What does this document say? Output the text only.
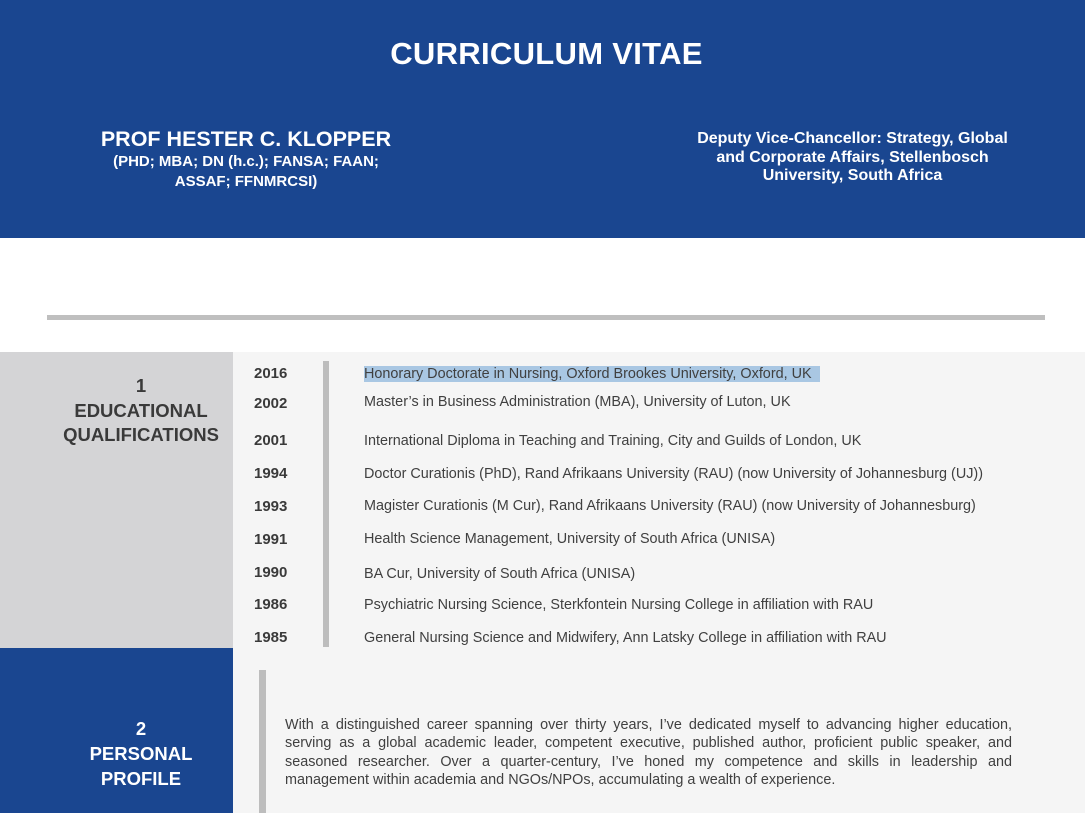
CURRICULUM VITAE
PROF HESTER C. KLOPPER
(PHD; MBA; DN (h.c.); FANSA; FAAN; ASSAF; FFNMRCSI)
Deputy Vice-Chancellor: Strategy, Global and Corporate Affairs, Stellenbosch University, South Africa
1
EDUCATIONAL QUALIFICATIONS
2016	Honorary Doctorate in Nursing, Oxford Brookes University, Oxford, UK
2002	Master’s in Business Administration (MBA), University of Luton, UK
2001	International Diploma in Teaching and Training, City and Guilds of London, UK
1994	Doctor Curationis (PhD), Rand Afrikaans University (RAU) (now University of Johannesburg (UJ))
1993	Magister Curationis (M Cur), Rand Afrikaans University (RAU) (now University of Johannesburg)
1991	Health Science Management, University of South Africa (UNISA)
1990	BA Cur, University of South Africa (UNISA)
1986	Psychiatric Nursing Science, Sterkfontein Nursing College in affiliation with RAU
1985	General Nursing Science and Midwifery, Ann Latsky College in affiliation with RAU
2
PERSONAL PROFILE
With a distinguished career spanning over thirty years, I’ve dedicated myself to advancing higher education, serving as a global academic leader, competent executive, published author, proficient public speaker, and seasoned researcher. Over a quarter-century, I’ve honed my competence and skills in leadership and management within academia and NGOs/NPOs, accumulating a wealth of experience.
